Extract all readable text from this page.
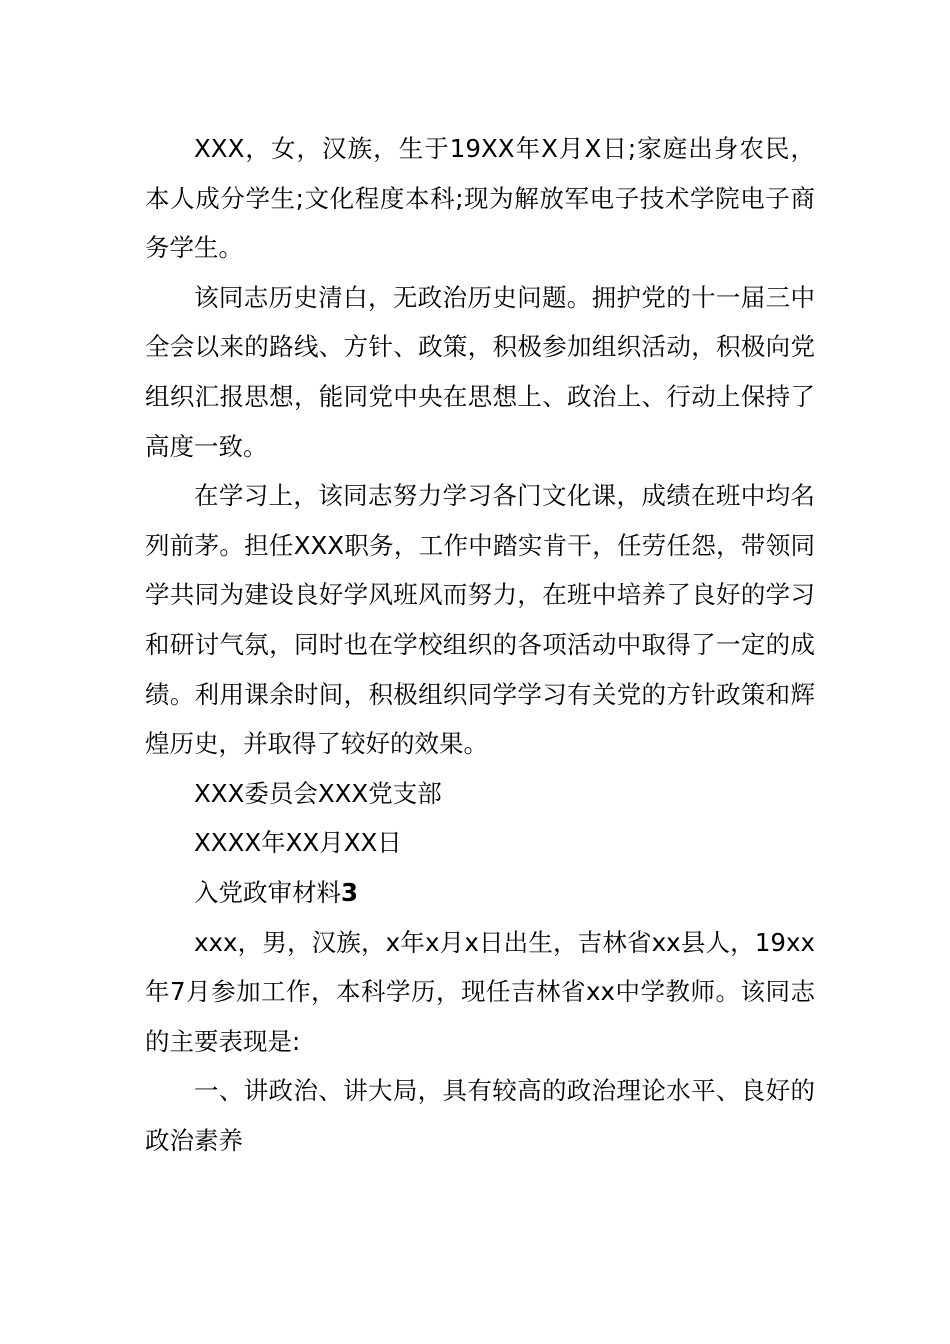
XXX，女，汉族，生于19XX年X月X日;家庭出身农民，本人成分学生;文化程度本科;现为解放军电子技术学院电子商务学生。

该同志历史清白，无政治历史问题。拥护党的十一届三中全会以来的路线、方针、政策，积极参加组织活动，积极向党组织汇报思想，能同党中央在思想上、政治上、行动上保持了高度一致。

在学习上，该同志努力学习各门文化课，成绩在班中均名列前茅。担任XXX职务，工作中踏实肯干，任劳任怨，带领同学共同为建设良好学风班风而努力，在班中培养了良好的学习和研讨气氛，同时也在学校组织的各项活动中取得了一定的成绩。利用课余时间，积极组织同学学习有关党的方针政策和辉煌历史，并取得了较好的效果。

XXX委员会XXX党支部

XXXX年XX月XX日

入党政审材料3

xxx，男，汉族，x年x月x日出生，吉林省xx县人，19xx年7月参加工作，本科学历，现任吉林省xx中学教师。该同志的主要表现是:

一、讲政治、讲大局，具有较高的政治理论水平、良好的政治素养
